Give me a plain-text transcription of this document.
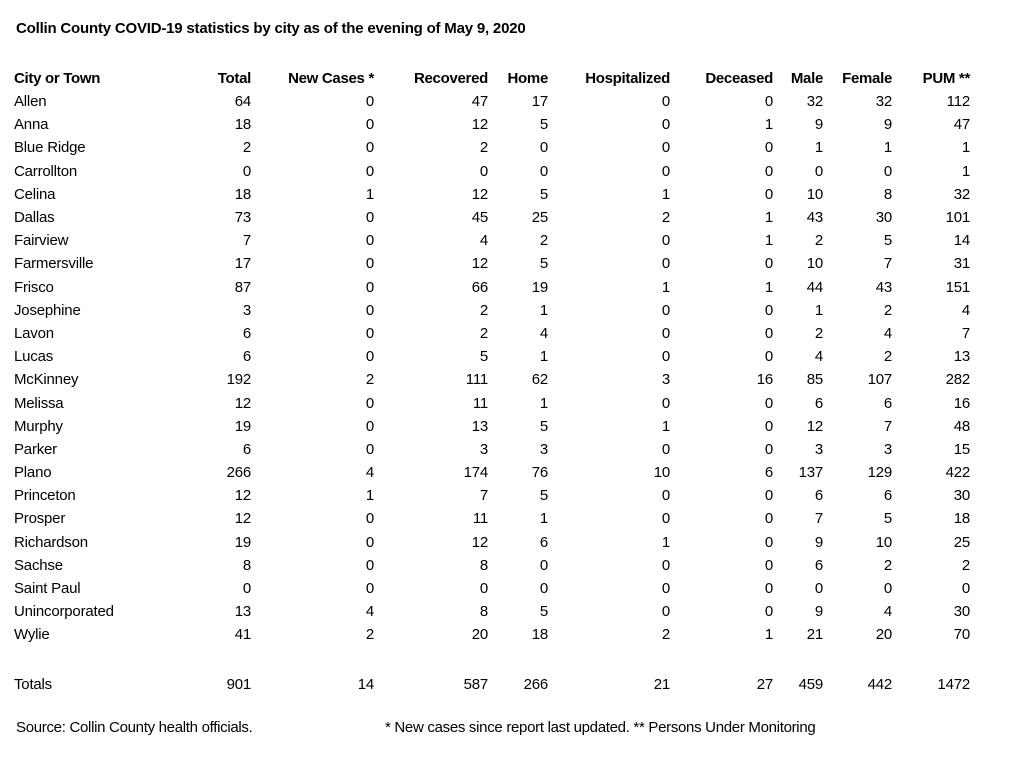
Collin County COVID-19 statistics by city as of the evening of May 9, 2020
City or Town	Total	New Cases *	Recovered	Home	Hospitalized	Deceased	Male	Female	PUM **
Allen	64	0	47	17	0	0	32	32	112
Anna	18	0	12	5	0	1	9	9	47
Blue Ridge	2	0	2	0	0	0	1	1	1
Carrollton	0	0	0	0	0	0	0	0	1
Celina	18	1	12	5	1	0	10	8	32
Dallas	73	0	45	25	2	1	43	30	101
Fairview	7	0	4	2	0	1	2	5	14
Farmersville	17	0	12	5	0	0	10	7	31
Frisco	87	0	66	19	1	1	44	43	151
Josephine	3	0	2	1	0	0	1	2	4
Lavon	6	0	2	4	0	0	2	4	7
Lucas	6	0	5	1	0	0	4	2	13
McKinney	192	2	111	62	3	16	85	107	282
Melissa	12	0	11	1	0	0	6	6	16
Murphy	19	0	13	5	1	0	12	7	48
Parker	6	0	3	3	0	0	3	3	15
Plano	266	4	174	76	10	6	137	129	422
Princeton	12	1	7	5	0	0	6	6	30
Prosper	12	0	11	1	0	0	7	5	18
Richardson	19	0	12	6	1	0	9	10	25
Sachse	8	0	8	0	0	0	6	2	2
Saint Paul	0	0	0	0	0	0	0	0	0
Unincorporated	13	4	8	5	0	0	9	4	30
Wylie	41	2	20	18	2	1	21	20	70

Totals	901	14	587	266	21	27	459	442	1472
Source: Collin County health officials.	* New cases since report last updated. ** Persons Under Monitoring
